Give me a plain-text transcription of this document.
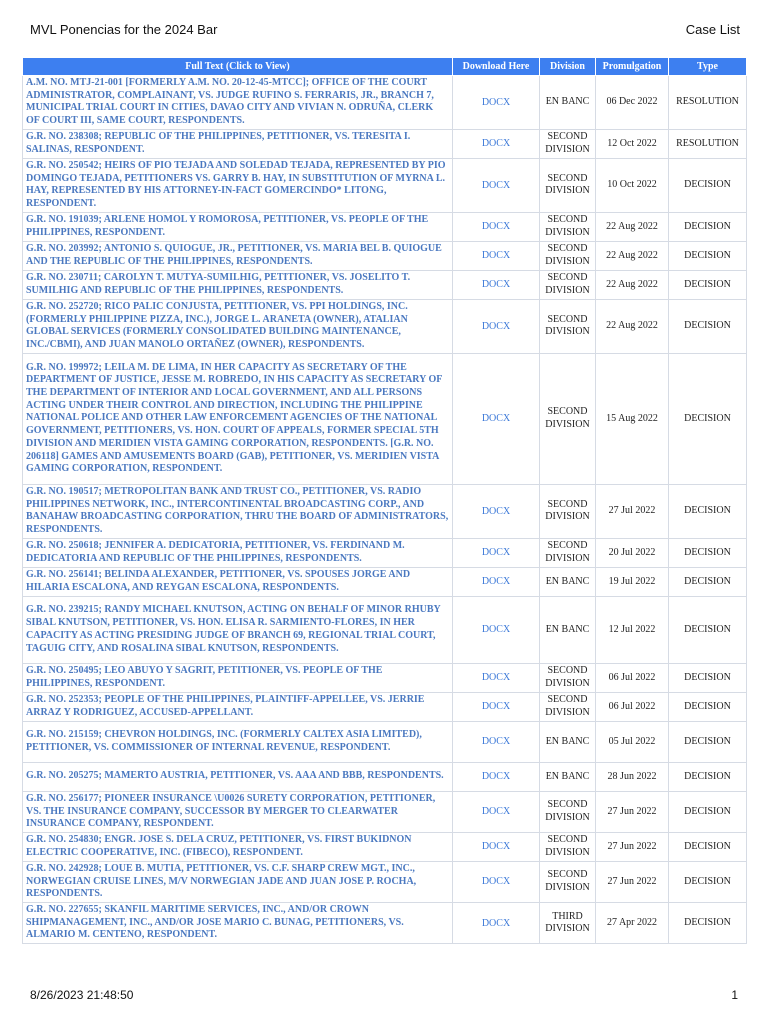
MVL Ponencias for the 2024 Bar	Case List
Full Text (Click to View)	Download Here	Division	Promulgation	Type
A.M. NO. MTJ-21-001 [FORMERLY A.M. NO. 20-12-45-MTCC]; OFFICE OF THE COURT ADMINISTRATOR, COMPLAINANT, VS. JUDGE RUFINO S. FERRARIS, JR., BRANCH 7, MUNICIPAL TRIAL COURT IN CITIES, DAVAO CITY AND VIVIAN N. ODRUÑA, CLERK OF COURT III, SAME COURT, RESPONDENTS.	DOCX	EN BANC	06 Dec 2022	RESOLUTION
G.R. NO. 238308; REPUBLIC OF THE PHILIPPINES, PETITIONER, VS. TERESITA I. SALINAS, RESPONDENT.	DOCX	SECOND DIVISION	12 Oct 2022	RESOLUTION
G.R. NO. 250542; HEIRS OF PIO TEJADA AND SOLEDAD TEJADA, REPRESENTED BY PIO DOMINGO TEJADA, PETITIONERS VS. GARRY B. HAY, IN SUBSTITUTION OF MYRNA L. HAY, REPRESENTED BY HIS ATTORNEY-IN-FACT GOMERCINDO* LITONG, RESPONDENT.	DOCX	SECOND DIVISION	10 Oct 2022	DECISION
G.R. NO. 191039; ARLENE HOMOL Y ROMOROSA, PETITIONER, VS. PEOPLE OF THE PHILIPPINES, RESPONDENT.	DOCX	SECOND DIVISION	22 Aug 2022	DECISION
G.R. NO. 203992; ANTONIO S. QUIOGUE, JR., PETITIONER, VS. MARIA BEL B. QUIOGUE AND THE REPUBLIC OF THE PHILIPPINES, RESPONDENTS.	DOCX	SECOND DIVISION	22 Aug 2022	DECISION
G.R. NO. 230711; CAROLYN T. MUTYA-SUMILHIG, PETITIONER, VS. JOSELITO T. SUMILHIG AND REPUBLIC OF THE PHILIPPINES, RESPONDENTS.	DOCX	SECOND DIVISION	22 Aug 2022	DECISION
G.R. NO. 252720; RICO PALIC CONJUSTA, PETITIONER, VS. PPI HOLDINGS, INC. (FORMERLY PHILIPPINE PIZZA, INC.), JORGE L. ARANETA (OWNER), ATALIAN GLOBAL SERVICES (FORMERLY CONSOLIDATED BUILDING MAINTENANCE, INC./CBMI), AND JUAN MANOLO ORTAÑEZ (OWNER), RESPONDENTS.	DOCX	SECOND DIVISION	22 Aug 2022	DECISION
G.R. NO. 199972; LEILA M. DE LIMA, IN HER CAPACITY AS SECRETARY OF THE DEPARTMENT OF JUSTICE, JESSE M. ROBREDO, IN HIS CAPACITY AS SECRETARY OF THE DEPARTMENT OF INTERIOR AND LOCAL GOVERNMENT, AND ALL PERSONS ACTING UNDER THEIR CONTROL AND DIRECTION, INCLUDING THE PHILIPPINE NATIONAL POLICE AND OTHER LAW ENFORCEMENT AGENCIES OF THE NATIONAL GOVERNMENT, PETITIONERS, VS. HON. COURT OF APPEALS, FORMER SPECIAL 5TH DIVISION AND MERIDIEN VISTA GAMING CORPORATION, RESPONDENTS. [G.R. NO. 206118] GAMES AND AMUSEMENTS BOARD (GAB), PETITIONER, VS. MERIDIEN VISTA GAMING CORPORATION, RESPONDENT.	DOCX	SECOND DIVISION	15 Aug 2022	DECISION
G.R. NO. 190517; METROPOLITAN BANK AND TRUST CO., PETITIONER, VS. RADIO PHILIPPINES NETWORK, INC., INTERCONTINENTAL BROADCASTING CORP., AND BANAHAW BROADCASTING CORPORATION, THRU THE BOARD OF ADMINISTRATORS, RESPONDENTS.	DOCX	SECOND DIVISION	27 Jul 2022	DECISION
G.R. NO. 250618; JENNIFER A. DEDICATORIA, PETITIONER, VS. FERDINAND M. DEDICATORIA AND REPUBLIC OF THE PHILIPPINES, RESPONDENTS.	DOCX	SECOND DIVISION	20 Jul 2022	DECISION
G.R. NO. 256141; BELINDA ALEXANDER, PETITIONER, VS. SPOUSES JORGE AND HILARIA ESCALONA, AND REYGAN ESCALONA, RESPONDENTS.	DOCX	EN BANC	19 Jul 2022	DECISION
G.R. NO. 239215; RANDY MICHAEL KNUTSON, ACTING ON BEHALF OF MINOR RHUBY SIBAL KNUTSON, PETITIONER, VS. HON. ELISA R. SARMIENTO-FLORES, IN HER CAPACITY AS ACTING PRESIDING JUDGE OF BRANCH 69, REGIONAL TRIAL COURT, TAGUIG CITY, AND ROSALINA SIBAL KNUTSON, RESPONDENTS.	DOCX	EN BANC	12 Jul 2022	DECISION
G.R. NO. 250495; LEO ABUYO Y SAGRIT, PETITIONER, VS. PEOPLE OF THE PHILIPPINES, RESPONDENT.	DOCX	SECOND DIVISION	06 Jul 2022	DECISION
G.R. NO. 252353; PEOPLE OF THE PHILIPPINES, PLAINTIFF-APPELLEE, VS. JERRIE ARRAZ Y RODRIGUEZ, ACCUSED-APPELLANT.	DOCX	SECOND DIVISION	06 Jul 2022	DECISION
G.R. NO. 215159; CHEVRON HOLDINGS, INC. (FORMERLY CALTEX ASIA LIMITED), PETITIONER, VS. COMMISSIONER OF INTERNAL REVENUE, RESPONDENT.	DOCX	EN BANC	05 Jul 2022	DECISION
G.R. NO. 205275; MAMERTO AUSTRIA, PETITIONER, VS. AAA AND BBB, RESPONDENTS.	DOCX	EN BANC	28 Jun 2022	DECISION
G.R. NO. 256177; PIONEER INSURANCE \U0026 SURETY CORPORATION, PETITIONER, VS. THE INSURANCE COMPANY, SUCCESSOR BY MERGER TO CLEARWATER INSURANCE COMPANY, RESPONDENT.	DOCX	SECOND DIVISION	27 Jun 2022	DECISION
G.R. NO. 254830; ENGR. JOSE S. DELA CRUZ, PETITIONER, VS. FIRST BUKIDNON ELECTRIC COOPERATIVE, INC. (FIBECO), RESPONDENT.	DOCX	SECOND DIVISION	27 Jun 2022	DECISION
G.R. NO. 242928; LOUE B. MUTIA, PETITIONER, VS. C.F. SHARP CREW MGT., INC., NORWEGIAN CRUISE LINES, M/V NORWEGIAN JADE AND JUAN JOSE P. ROCHA, RESPONDENTS.	DOCX	SECOND DIVISION	27 Jun 2022	DECISION
G.R. NO. 227655; SKANFIL MARITIME SERVICES, INC., AND/OR CROWN SHIPMANAGEMENT, INC., AND/OR JOSE MARIO C. BUNAG, PETITIONERS, VS. ALMARIO M. CENTENO, RESPONDENT.	DOCX	THIRD DIVISION	27 Apr 2022	DECISION
8/26/2023 21:48:50	1
